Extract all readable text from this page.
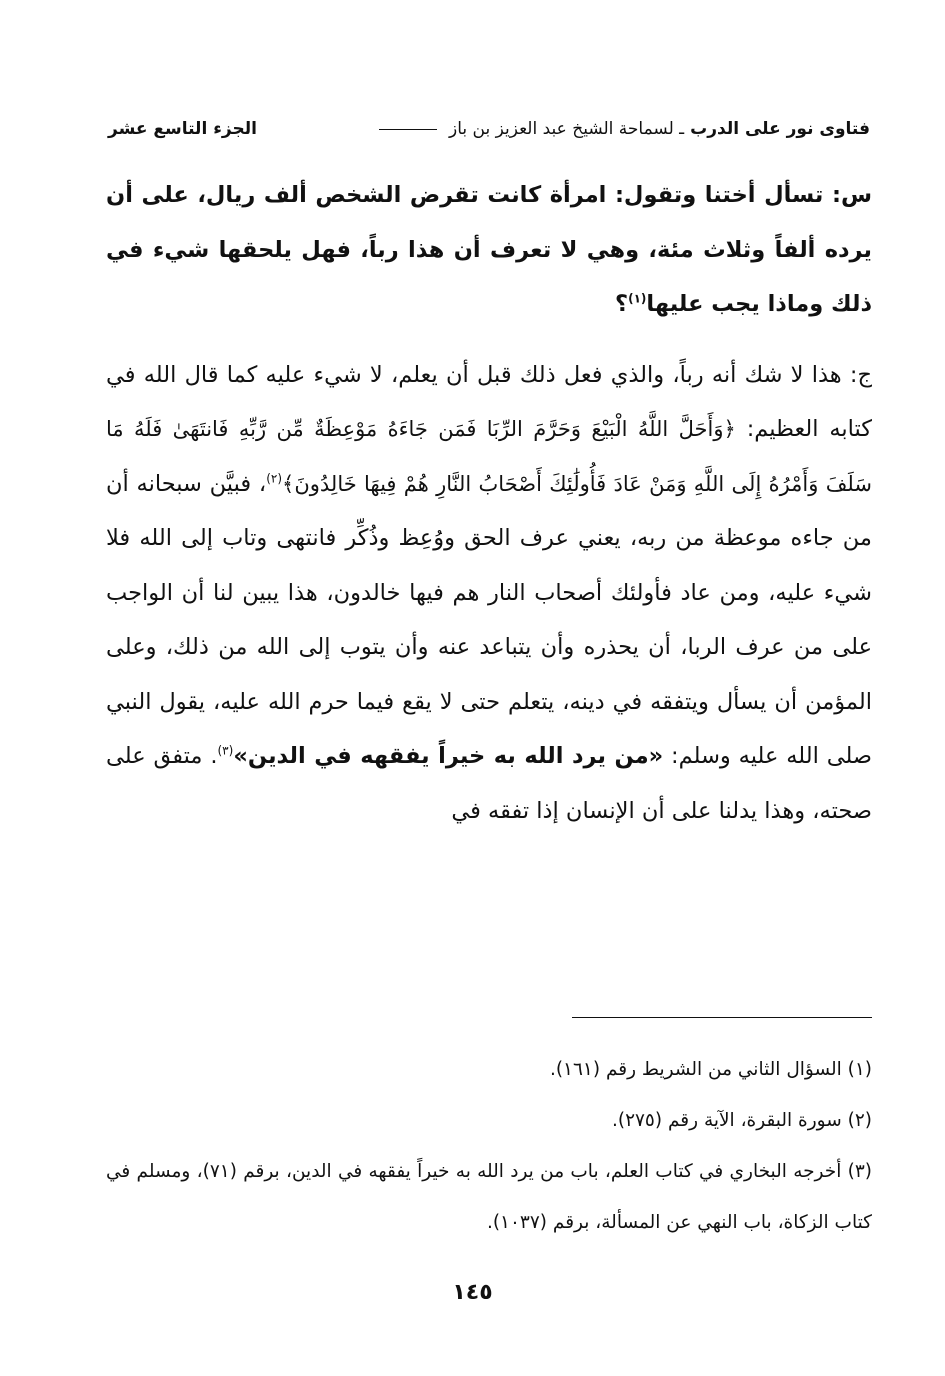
فتاوى نور على الدرب
ـ لسماحة الشيخ عبد العزيز بن باز
الجزء التاسع عشر

س: تسأل أختنا وتقول: امرأة كانت تقرض الشخص ألف ريال، على أن يرده ألفاً وثلاث مئة، وهي لا تعرف أن هذا رباً، فهل يلحقها شيء في ذلك وماذا يجب عليها$^{(١)}$؟

ج: هذا لا شك أنه رباً، والذي فعل ذلك قبل أن يعلم، لا شيء عليه كما قال الله في كتابه العظيم: ﴿وَأَحَلَّ اللَّهُ الْبَيْعَ وَحَرَّمَ الرِّبَا فَمَن جَاءَهُ مَوْعِظَةٌ مِّن رَّبِّهِ فَانتَهَىٰ فَلَهُ مَا سَلَفَ وَأَمْرُهُ إِلَى اللَّهِ وَمَنْ عَادَ فَأُولَٰئِكَ أَصْحَابُ النَّارِ هُمْ فِيهَا خَالِدُونَ﴾$^{(٢)}$، فبيَّن سبحانه أن من جاءه موعظة من ربه، يعني عرف الحق ووُعِظ وذُكِّر فانتهى وتاب إلى الله فلا شيء عليه، ومن عاد فأولئك أصحاب النار هم فيها خالدون، هذا يبين لنا أن الواجب على من عرف الربا، أن يحذره وأن يتباعد عنه وأن يتوب إلى الله من ذلك، وعلى المؤمن أن يسأل ويتفقه في دينه، يتعلم حتى لا يقع فيما حرم الله عليه، يقول النبي صلى الله عليه وسلم: «من يرد الله به خيراً يفقهه في الدين»$^{(٣)}$. متفق على صحته، وهذا يدلنا على أن الإنسان إذا تفقه في

(١) السؤال الثاني من الشريط رقم (١٦١).

(٢) سورة البقرة، الآية رقم (٢٧٥).

(٣) أخرجه البخاري في كتاب العلم، باب من يرد الله به خيراً يفقهه في الدين، برقم (٧١)، ومسلم في كتاب الزكاة، باب النهي عن المسألة، برقم (١٠٣٧).

١٤٥
